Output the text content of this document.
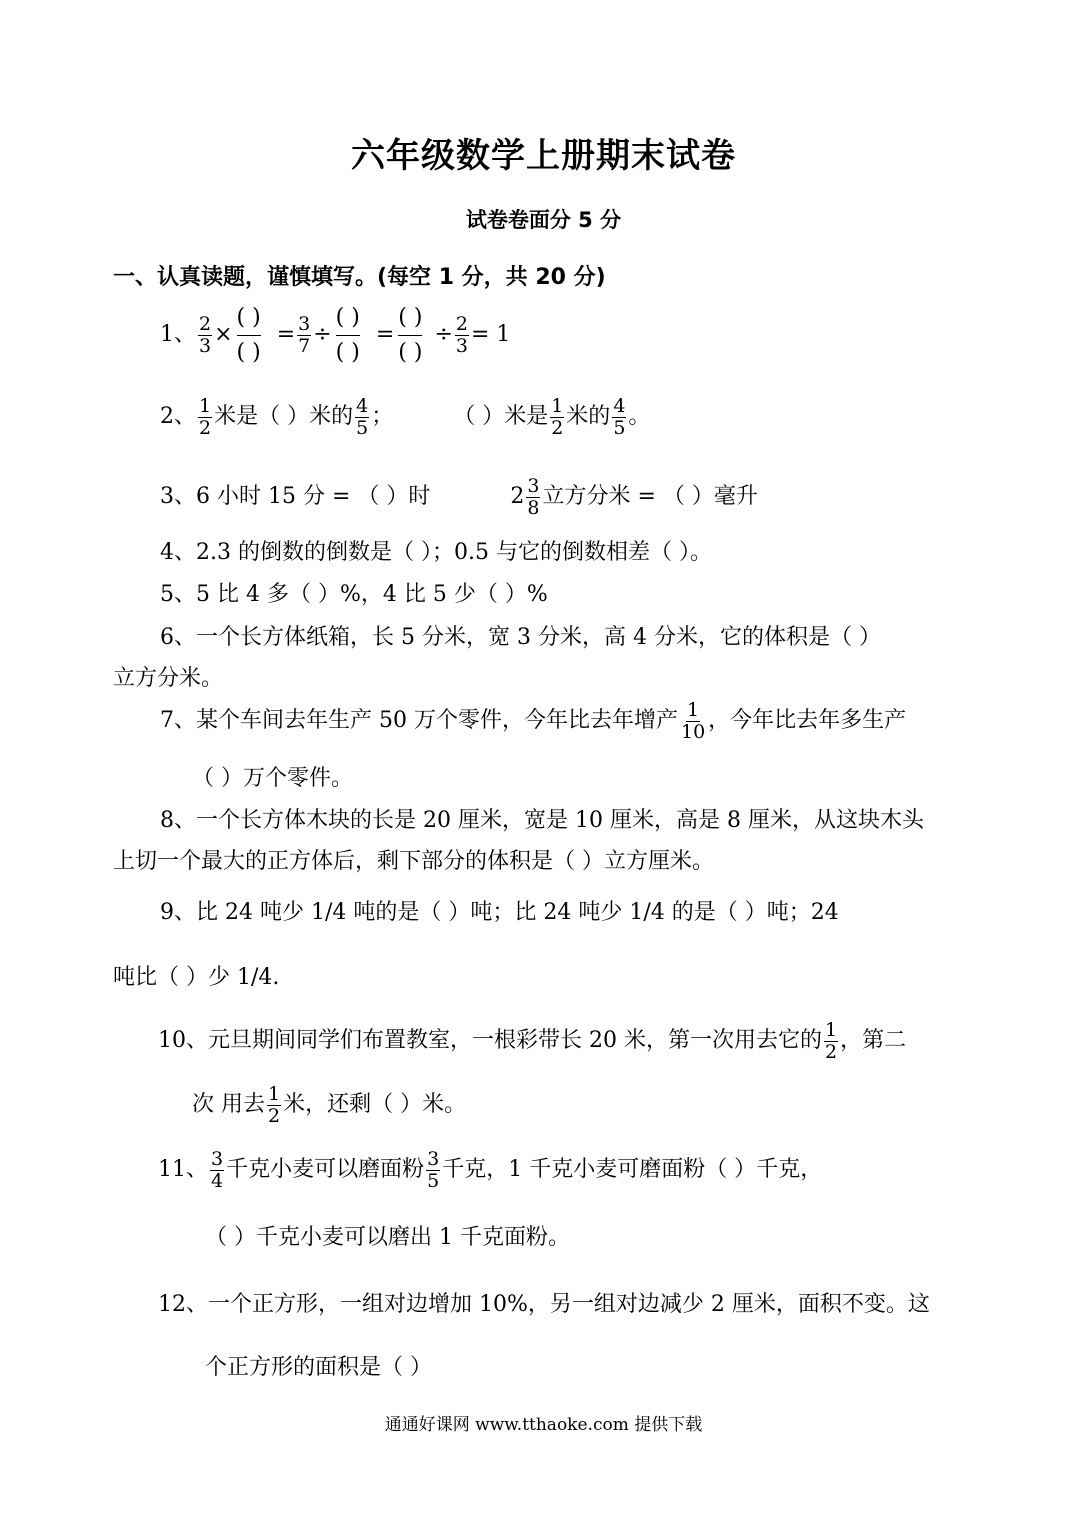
六年级数学上册期末试卷
试卷卷面分 5 分
一、认真读题，谨慎填写。(每空 1 分，共 20 分)
1、 $\frac{2}{3}$ ×
( )
( )
= $\frac{3}{7}$ ÷
( )
( )
=
( )
( )
÷ $\frac{2}{3} = 1$
2、 $\frac{1}{2}$ 米是（ ）米的 $\frac{4}{5}$ ；	（ ）米是 $\frac{1}{2}$ 米的 $\frac{4}{5}$ 。
3、6 小时 15 分 = （ ）时	$2 \frac{3}{8}$ 立方分米 = （ ）毫升
4、2.3 的倒数的倒数是（ ）；0.5 与它的倒数相差（ ）。
5、5 比 4 多（ ）%，4 比 5 少（ ）%
6、一个长方体纸箱，长 5 分米，宽 3 分米，高 4 分米，它的体积是（ ）
立方分米。
7、某个车间去年生产 50 万个零件，今年比去年增产 $\frac{1}{10}$ ，今年比去年多生产
（ ）万个零件。
8、一个长方体木块的长是 20 厘米，宽是 10 厘米，高是 8 厘米，从这块木头
上切一个最大的正方体后，剩下部分的体积是（ ）立方厘米。
9、比 24 吨少 1/4 吨的是（ ）吨；比 24 吨少 1/4 的是（ ）吨；24
吨比（ ）少 1/4.
10、元旦期间同学们布置教室，一根彩带长 20 米，第一次用去它的 $\frac{1}{2}$ ，第二
次 用去 $\frac{1}{2}$ 米，还剩（ ）米。
11、 $\frac{3}{4}$ 千克小麦可以磨面粉 $\frac{3}{5}$ 千克，1 千克小麦可磨面粉（ ）千克，
（ ）千克小麦可以磨出 1 千克面粉。
12、一个正方形，一组对边增加 10%，另一组对边减少 2 厘米，面积不变。这
个正方形的面积是（ ）
通通好课网 www.tthaoke.com 提供下载
